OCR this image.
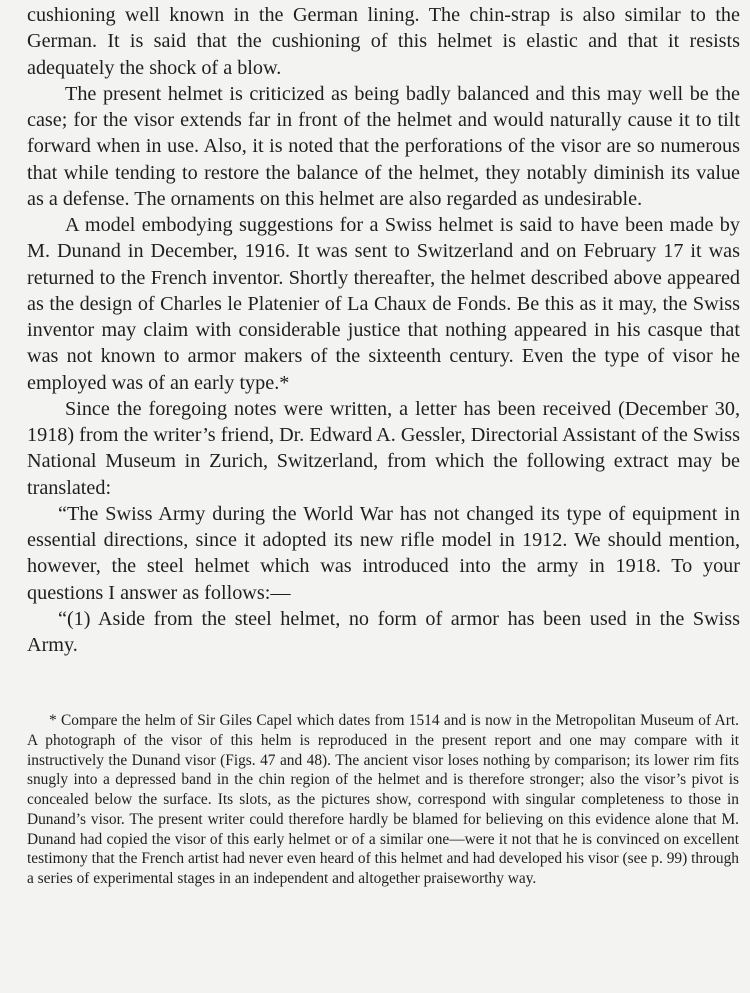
cushioning well known in the German lining. The chin-strap is also similar to the German. It is said that the cushioning of this helmet is elastic and that it resists adequately the shock of a blow.

The present helmet is criticized as being badly balanced and this may well be the case; for the visor extends far in front of the helmet and would naturally cause it to tilt forward when in use. Also, it is noted that the perforations of the visor are so numerous that while tending to restore the balance of the helmet, they notably diminish its value as a defense. The ornaments on this helmet are also regarded as undesirable.

A model embodying suggestions for a Swiss helmet is said to have been made by M. Dunand in December, 1916. It was sent to Switzerland and on February 17 it was returned to the French inventor. Shortly thereafter, the helmet described above appeared as the design of Charles le Platenier of La Chaux de Fonds. Be this as it may, the Swiss inventor may claim with considerable justice that nothing appeared in his casque that was not known to armor makers of the sixteenth century. Even the type of visor he employed was of an early type.*

Since the foregoing notes were written, a letter has been received (December 30, 1918) from the writer’s friend, Dr. Edward A. Gessler, Directorial Assistant of the Swiss National Museum in Zurich, Switzerland, from which the following extract may be translated:

“The Swiss Army during the World War has not changed its type of equipment in essential directions, since it adopted its new rifle model in 1912. We should mention, however, the steel helmet which was introduced into the army in 1918. To your questions I answer as follows:—

“(1) Aside from the steel helmet, no form of armor has been used in the Swiss Army.

* Compare the helm of Sir Giles Capel which dates from 1514 and is now in the Metropolitan Museum of Art. A photograph of the visor of this helm is reproduced in the present report and one may compare with it instructively the Dunand visor (Figs. 47 and 48). The ancient visor loses nothing by comparison; its lower rim fits snugly into a depressed band in the chin region of the helmet and is therefore stronger; also the visor’s pivot is concealed below the surface. Its slots, as the pictures show, correspond with singular completeness to those in Dunand’s visor. The present writer could therefore hardly be blamed for believing on this evidence alone that M. Dunand had copied the visor of this early helmet or of a similar one—were it not that he is convinced on excellent testimony that the French artist had never even heard of this helmet and had developed his visor (see p. 99) through a series of experimental stages in an independent and altogether praiseworthy way.
